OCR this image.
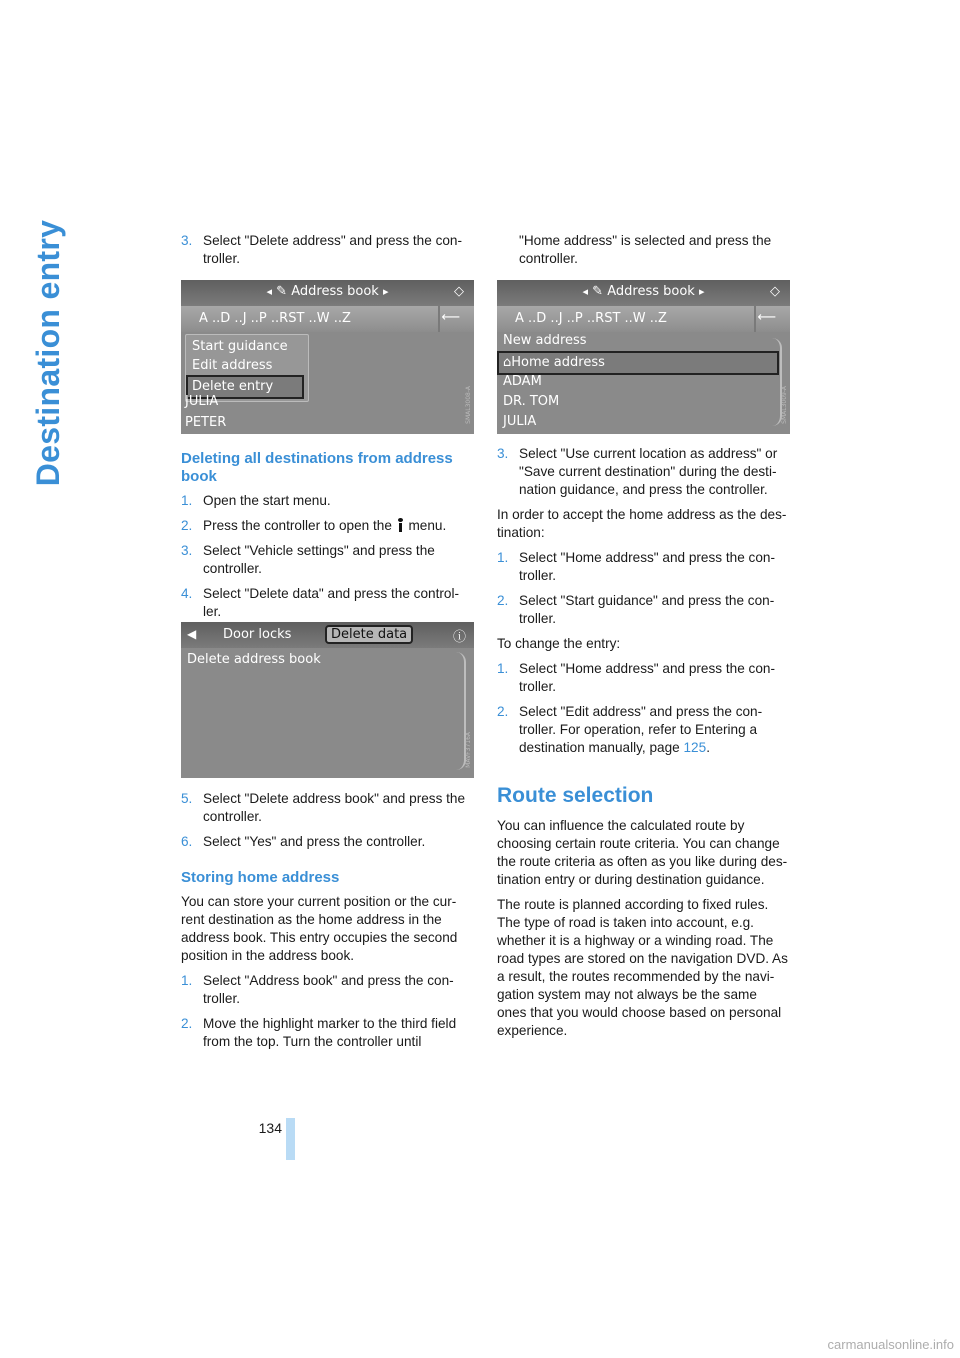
Destination entry	3. Select "Delete address" and press the con-troller.
◂ ✎ Address book ▸	◇
A ..D ..J ..P ..RST ..W ..Z	⟵
Start guidance
Edit address
Delete entry
JULIA
PETER	SMAL3008-A
Deleting all destinations from address book
1. Open the start menu.
2. Press the controller to open the menu.
3. Select "Vehicle settings" and press the controller.
4. Select "Delete data" and press the control-ler.
◀ Door locks	Delete data	ⓘ
Delete address book
MAVF3716A
5. Select "Delete address book" and press the controller.
6. Select "Yes" and press the controller.
Storing home address

You can store your current position or the cur-rent destination as the home address in the address book. This entry occupies the second position in the address book.

1. Select "Address book" and press the con-troller.
2. Move the highlight marker to the third field from the top. Turn the controller until
"Home address" is selected and press the controller.
◂ ✎ Address book ▸	◇
A ..D ..J ..P ..RST ..W ..Z	⟵
New address
⌂Home address
ADAM
DR. TOM
JULIA	SMAL3009-A
3. Select "Use current location as address" or "Save current destination" during the desti-nation guidance, and press the controller.

In order to accept the home address as the des-tination:

1. Select "Home address" and press the con-troller.
2. Select "Start guidance" and press the con-troller.

To change the entry:

1. Select "Home address" and press the con-troller.
2. Select "Edit address" and press the con-troller. For operation, refer to Entering a destination manually, page 125.
Route selection

You can influence the calculated route by choosing certain route criteria. You can change the route criteria as often as you like during des-tination entry or during destination guidance.

The route is planned according to fixed rules. The type of road is taken into account, e.g. whether it is a highway or a winding road. The road types are stored on the navigation DVD. As a result, the routes recommended by the navi-gation system may not always be the same ones that you would choose based on personal experience.

134
carmanualsonline.info
